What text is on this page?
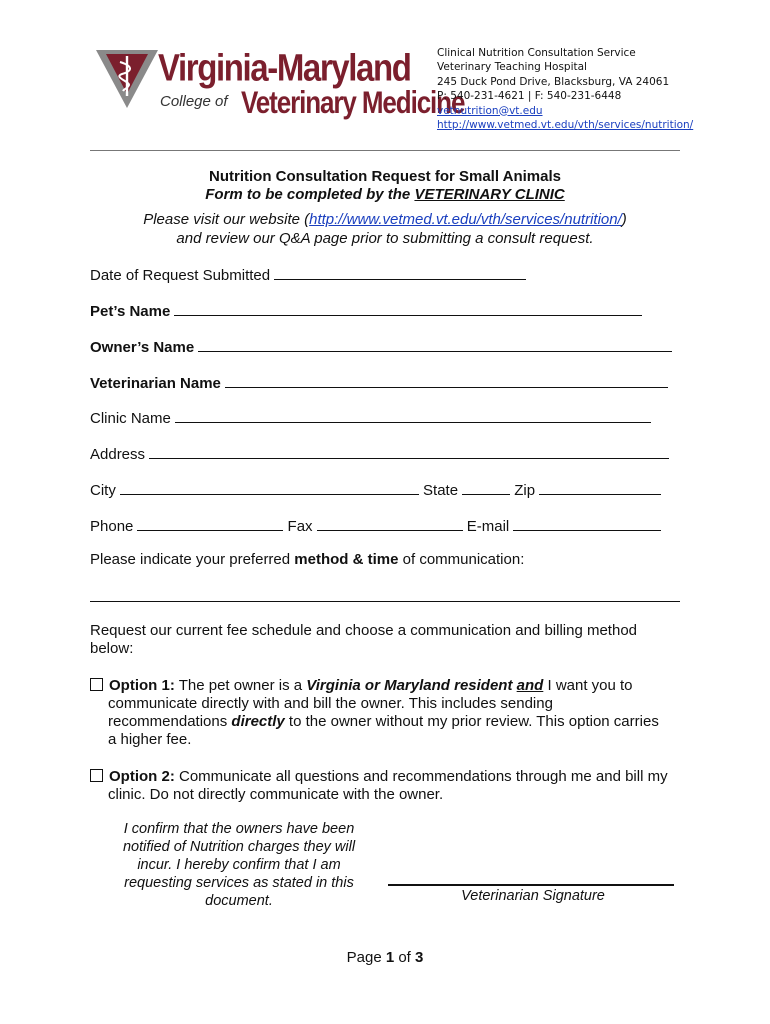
Virginia-Maryland
College of Veterinary Medicine
Clinical Nutrition Consultation Service
Veterinary Teaching Hospital
245 Duck Pond Drive, Blacksburg, VA 24061
P: 540-231-4621 | F: 540-231-6448
vetnutrition@vt.edu
http://www.vetmed.vt.edu/vth/services/nutrition/
Nutrition Consultation Request for Small Animals
Form to be completed by the VETERINARY CLINIC
Please visit our website (http://www.vetmed.vt.edu/vth/services/nutrition/)
and review our Q&A page prior to submitting a consult request.
Date of Request Submitted
Pet’s Name
Owner’s Name
Veterinarian Name
Clinic Name
Address
City	State	Zip
Phone	Fax	E-mail
Please indicate your preferred method & time of communication:
Request our current fee schedule and choose a communication and billing method
below:
Option 1: The pet owner is a Virginia or Maryland resident and I want you to
communicate directly with and bill the owner. This includes sending
recommendations directly to the owner without my prior review. This option carries
a higher fee.
Option 2: Communicate all questions and recommendations through me and bill my
clinic. Do not directly communicate with the owner.
I confirm that the owners have been
notified of Nutrition charges they will
incur. I hereby confirm that I am
requesting services as stated in this
document.	Veterinarian Signature
Page 1 of 3
